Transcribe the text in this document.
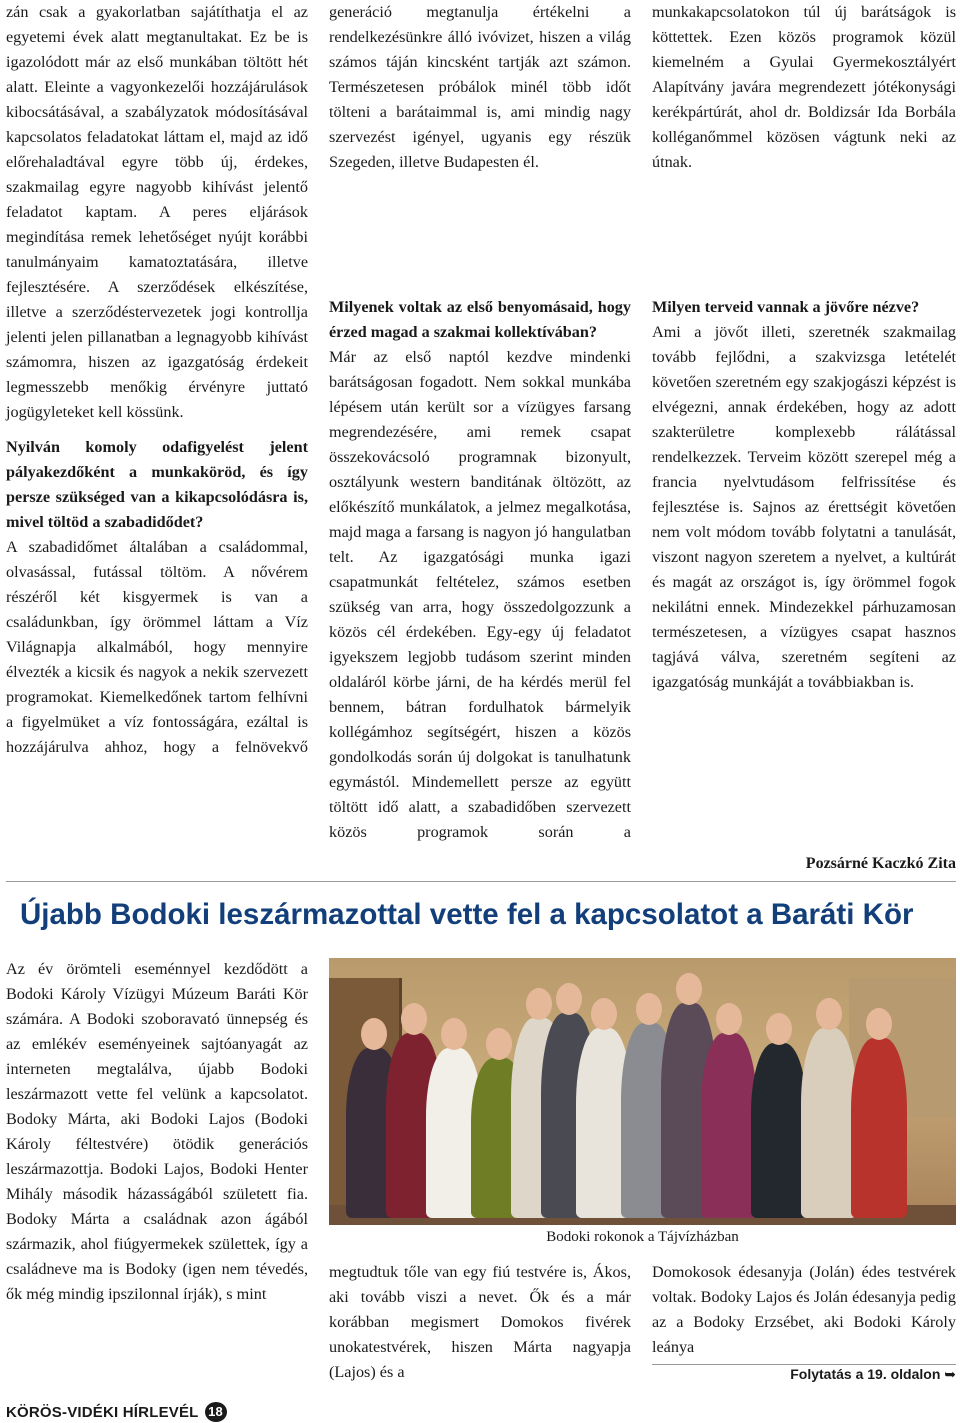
zán csak a gyakorlatban sajátíthatja el az egyetemi évek alatt megtanultakat. Ez be is igazolódott már az első munkában töltött hét alatt. Eleinte a vagyonkezelői hozzájárulások kibocsátásával, a szabályzatok módosításával kapcsolatos feladatokat láttam el, majd az idő előrehaladtával egyre több új, érdekes, szakmailag egyre nagyobb kihívást jelentő feladatot kaptam. A peres eljárások megindítása remek lehetőséget nyújt korábbi tanulmányaim kamatoztatására, illetve fejlesztésére. A szerződések elkészítése, illetve a szerződéstervezetek jogi kontrollja jelenti jelen pillanatban a legnagyobb kihívást számomra, hiszen az igazgatóság érdekeit legmesszebb menőkig érvényre juttató jogügyleteket kell kössünk.

Nyilván komoly odafigyelést jelent pályakezdőként a munkaköröd, és így persze szükséged van a kikapcsolódásra is, mivel töltöd a szabadidődet?

A szabadidőmet általában a családommal, olvasással, futással töltöm. A nővérem részéről két kisgyermek is van a családunkban, így örömmel láttam a Víz Világnapja alkalmából, hogy mennyire élvezték a kicsik és nagyok a nekik szervezett programokat. Kiemelkedőnek tartom felhívni a figyelmüket a víz fontosságára, ezáltal is hozzájárulva ahhoz, hogy a felnövekvő

generáció megtanulja értékelni a rendelkezésünkre álló ivóvizet, hiszen a világ számos táján kincsként tartják azt számon. Természetesen próbálok minél több időt tölteni a barátaimmal is, ami mindig nagy szervezést igényel, ugyanis egy részük Szegeden, illetve Budapesten él.

Milyenek voltak az első benyomásaid, hogy érzed magad a szakmai kollektívában?

Már az első naptól kezdve mindenki barátságosan fogadott. Nem sokkal munkába lépésem után került sor a vízügyes farsang megrendezésére, ami remek csapat összekovácsoló programnak bizonyult, osztályunk western banditának öltözött, az előkészítő munkálatok, a jelmez megalkotása, majd maga a farsang is nagyon jó hangulatban telt. Az igazgatósági munka igazi csapatmunkát feltételez, számos esetben szükség van arra, hogy összedolgozzunk a közös cél érdekében. Egy-egy új feladatot igyekszem legjobb tudásom szerint minden oldaláról körbe járni, de ha kérdés merül fel bennem, bátran fordulhatok bármelyik kollégámhoz segítségért, hiszen a közös gondolkodás során új dolgokat is tanulhatunk egymástól. Mindemellett persze az együtt töltött idő alatt, a szabadidőben szervezett közös programok során a

munkakapcsolatokon túl új barátságok is köttettek. Ezen közös programok közül kiemelném a Gyulai Gyermekosztályért Alapítvány javára megrendezett jótékonysági kerékpártúrát, ahol dr. Boldizsár Ida Borbála kolléganőmmel közösen vágtunk neki az útnak.

Milyen terveid vannak a jövőre nézve?

Ami a jövőt illeti, szeretnék szakmailag tovább fejlődni, a szakvizsga letételét követően szeretném egy szakjogászi képzést is elvégezni, annak érdekében, hogy az adott szakterületre komplexebb rálátással rendelkezzek. Terveim között szerepel még a francia nyelvtudásom felfrissítése és fejlesztése is. Sajnos az érettségit követően nem volt módom tovább folytatni a tanulását, viszont nagyon szeretem a nyelvet, a kultúrát és magát az országot is, így örömmel fogok nekilátni ennek. Mindezekkel párhuzamosan természetesen, a vízügyes csapat hasznos tagjává válva, szeretném segíteni az igazgatóság munkáját a továbbiakban is.

Pozsárné Kaczkó Zita
Újabb Bodoki leszármazottal vette fel a kapcsolatot a Baráti Kör

Az év örömteli eseménnyel kezdődött a Bodoki Károly Vízügyi Múzeum Baráti Kör számára. A Bodoki szoboravató ünnepség és az emlékév eseményeinek sajtóanyagát az interneten megtalálva, újabb Bodoki leszármazott vette fel velünk a kapcsolatot. Bodoky Márta, aki Bodoki Lajos (Bodoki Károly féltestvére) ötödik generációs leszármazottja. Bodoki Lajos, Bodoki Henter Mihály második házasságából született fia. Bodoky Márta a családnak azon ágából származik, ahol fiúgyermekek születtek, így a családneve ma is Bodoky (igen nem tévedés, ők még mindig ipszilonnal írják), s mint

Bodoki rokonok a Tájvízházban

megtudtuk tőle van egy fiú testvére is, Ákos, aki tovább viszi a nevet. Ők és a már korábban megismert Domokos fivérek unokatestvérek, hiszen Márta nagyapja (Lajos) és a

Domokosok édesanyja (Jolán) édes testvérek voltak. Bodoky Lajos és Jolán édesanyja pedig az a Bodoky Erzsébet, aki Bodoki Károly leánya

Folytatás a 19. oldalon ➥
KÖRÖS-VIDÉKI HÍRLEVÉL 18
